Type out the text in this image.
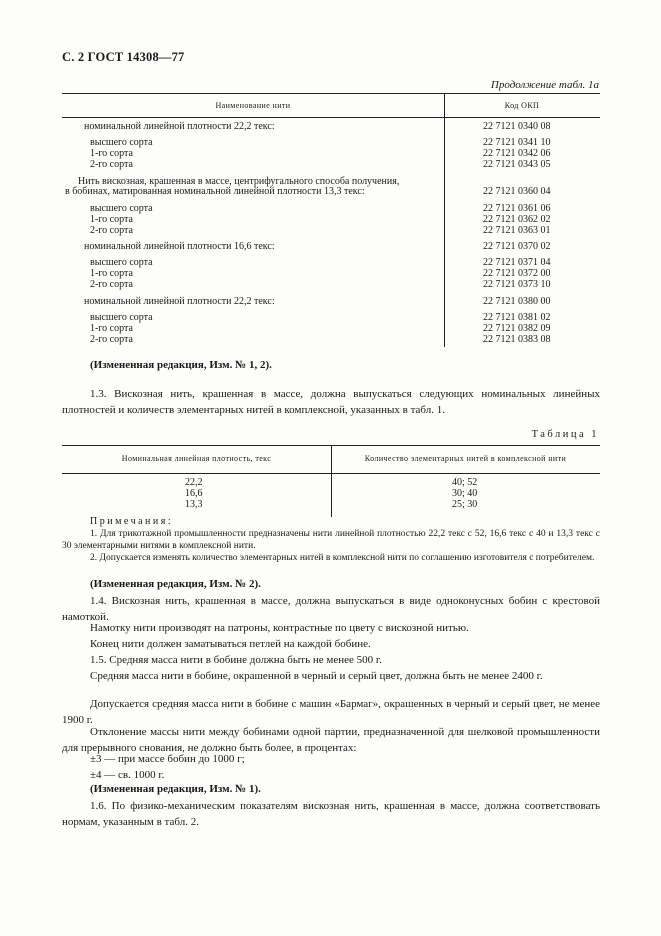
С. 2 ГОСТ 14308—77
Продолжение табл. 1а
Наименование нити	Код ОКП
номинальной линейной плотности 22,2 текс:	22 7121 0340 08
высшего сорта	22 7121 0341 10
1-го сорта	22 7121 0342 06
2-го сорта	22 7121 0343 05
Нить вискозная, крашенная в массе, центрифугального способа получения,
в бобинах, матированная номинальной линейной плотности 13,3 текс:	22 7121 0360 04
высшего сорта	22 7121 0361 06
1-го сорта	22 7121 0362 02
2-го сорта	22 7121 0363 01
номинальной линейной плотности 16,6 текс:	22 7121 0370 02
высшего сорта	22 7121 0371 04
1-го сорта	22 7121 0372 00
2-го сорта	22 7121 0373 10
номинальной линейной плотности 22,2 текс:	22 7121 0380 00
высшего сорта	22 7121 0381 02
1-го сорта	22 7121 0382 09
2-го сорта	22 7121 0383 08
(Измененная редакция, Изм. № 1, 2).
1.3. Вискозная нить, крашенная в массе, должна выпускаться следующих номинальных линейных плотностей и количеств элементарных нитей в комплексной, указанных в табл. 1.
Таблица 1
Номинальная линейная плотность, текс	Количество элементарных нитей в комплексной нити
22,2	40; 52
16,6	30; 40
13,3	25; 30
Примечания:
1. Для трикотажной промышленности предназначены нити линейной плотностью 22,2 текс с 52, 16,6 текс с 40 и 13,3 текс с 30 элементарными нитями в комплексной нити.
2. Допускается изменять количество элементарных нитей в комплексной нити по соглашению изготовителя с потребителем.
(Измененная редакция, Изм. № 2).
1.4. Вискозная нить, крашенная в массе, должна выпускаться в виде одноконусных бобин с крестовой намоткой.
Намотку нити производят на патроны, контрастные по цвету с вискозной нитью.
Конец нити должен заматываться петлей на каждой бобине.
1.5. Средняя масса нити в бобине должна быть не менее 500 г.
Средняя масса нити в бобине, окрашенной в черный и серый цвет, должна быть не менее 2400 г.
Допускается средняя масса нити в бобине с машин «Бармаг», окрашенных в черный и серый цвет, не менее 1900 г.
Отклонение массы нити между бобинами одной партии, предназначенной для шелковой промышленности для прерывного снования, не должно быть более, в процентах:
±3 — при массе бобин до 1000 г;
±4 — св. 1000 г.
(Измененная редакция, Изм. № 1).
1.6. По физико-механическим показателям вискозная нить, крашенная в массе, должна соответствовать нормам, указанным в табл. 2.
